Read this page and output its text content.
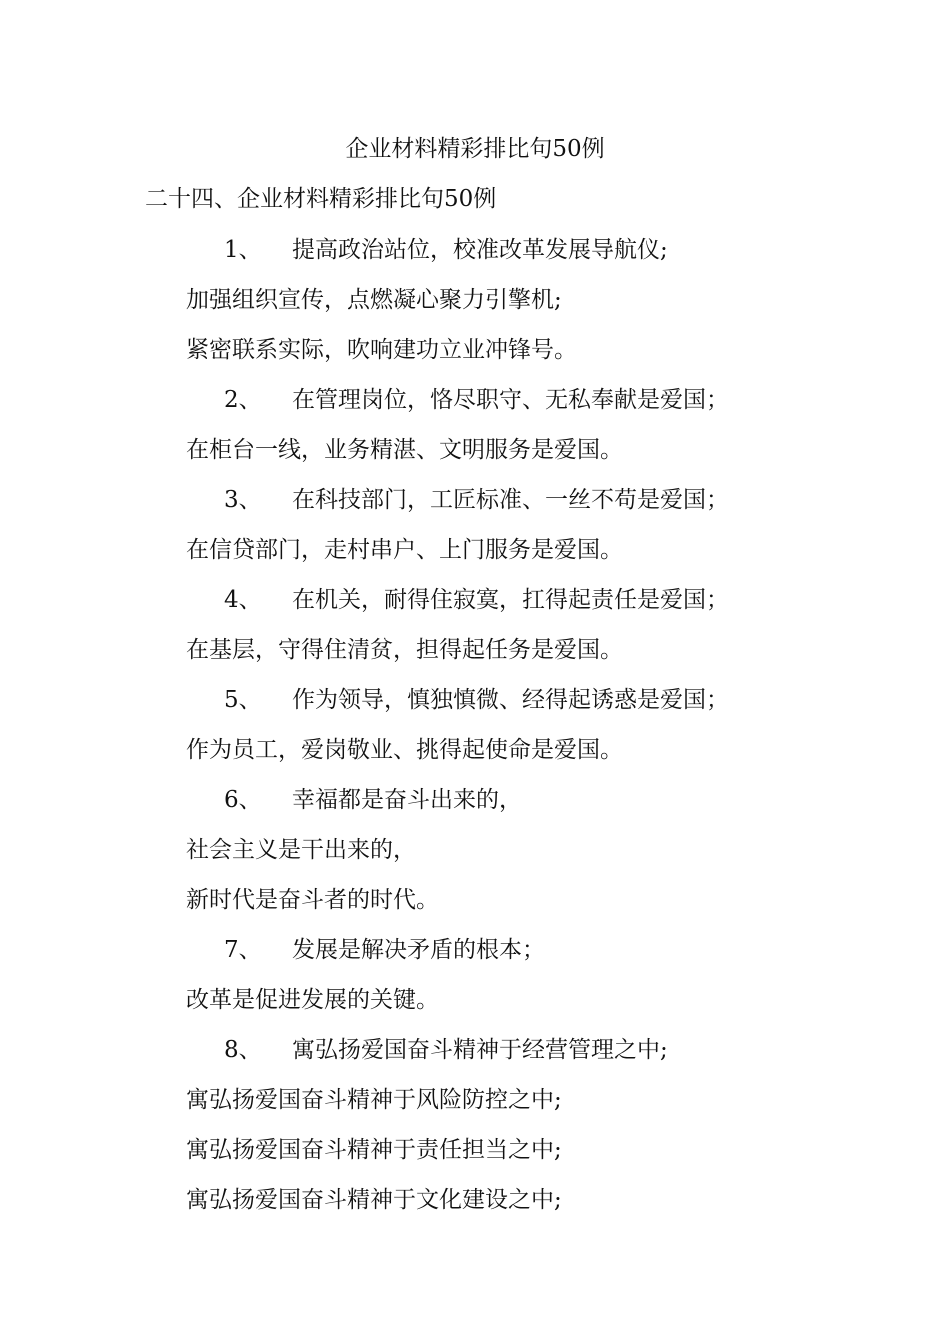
企业材料精彩排比句50例
二十四、企业材料精彩排比句50例
1、 提高政治站位，校准改革发展导航仪;
加强组织宣传，点燃凝心聚力引擎机;
紧密联系实际，吹响建功立业冲锋号。
2、 在管理岗位，恪尽职守、无私奉献是爱国；
在柜台一线，业务精湛、文明服务是爱国。
3、 在科技部门，工匠标准、一丝不苟是爱国；
在信贷部门，走村串户、上门服务是爱国。
4、 在机关，耐得住寂寞，扛得起责任是爱国；
在基层，守得住清贫，担得起任务是爱国。
5、 作为领导，慎独慎微、经得起诱惑是爱国；
作为员工，爱岗敬业、挑得起使命是爱国。
6、 幸福都是奋斗出来的，
社会主义是干出来的，
新时代是奋斗者的时代。
7、 发展是解决矛盾的根本；
改革是促进发展的关键。
8、 寓弘扬爱国奋斗精神于经营管理之中;
寓弘扬爱国奋斗精神于风险防控之中;
寓弘扬爱国奋斗精神于责任担当之中;
寓弘扬爱国奋斗精神于文化建设之中;
